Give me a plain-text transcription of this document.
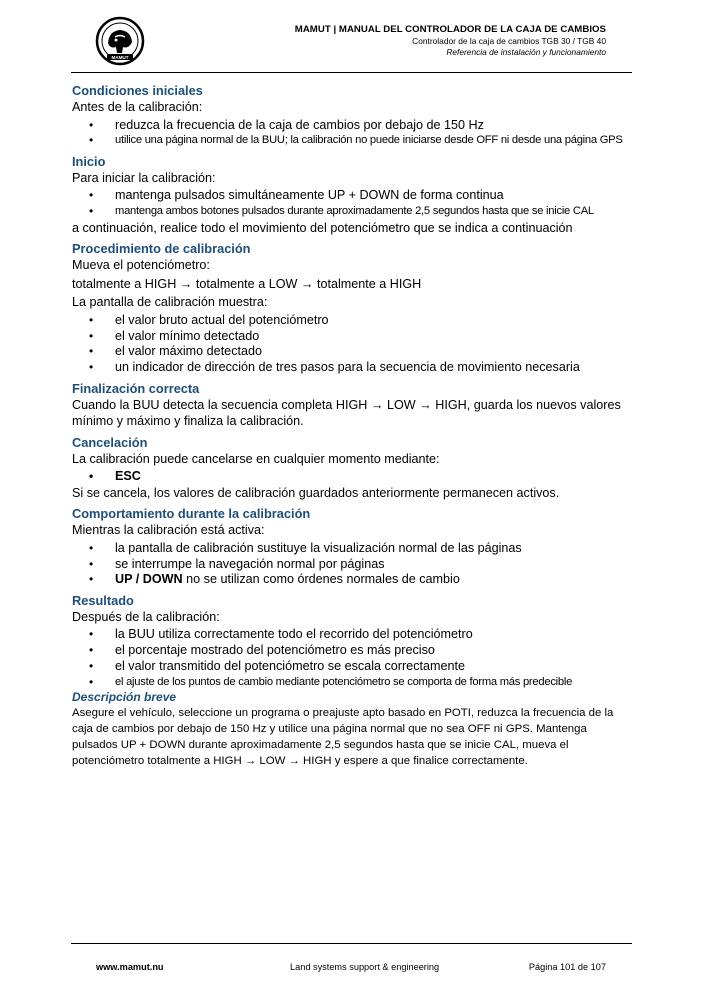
MAMUT
MAMUT | MANUAL DEL CONTROLADOR DE LA CAJA DE CAMBIOS
Controlador de la caja de cambios TGB 30 / TGB 40
Referencia de instalación y funcionamiento
Condiciones iniciales

Antes de la calibración:

• reduzca la frecuencia de la caja de cambios por debajo de 150 Hz
• utilice una página normal de la BUU; la calibración no puede iniciarse desde OFF ni desde una página GPS
Inicio

Para iniciar la calibración:

• mantenga pulsados simultáneamente UP + DOWN de forma continua
• mantenga ambos botones pulsados durante aproximadamente 2,5 segundos hasta que se inicie CAL

a continuación, realice todo el movimiento del potenciómetro que se indica a continuación

Procedimiento de calibración

Mueva el potenciómetro:

totalmente a HIGH → totalmente a LOW → totalmente a HIGH

La pantalla de calibración muestra:

• el valor bruto actual del potenciómetro
• el valor mínimo detectado
• el valor máximo detectado
• un indicador de dirección de tres pasos para la secuencia de movimiento necesaria
Finalización correcta

Cuando la BUU detecta la secuencia completa HIGH → LOW → HIGH, guarda los nuevos valores mínimo y máximo y finaliza la calibración.

Cancelación

La calibración puede cancelarse en cualquier momento mediante:

• ESC

Si se cancela, los valores de calibración guardados anteriormente permanecen activos.

Comportamiento durante la calibración

Mientras la calibración está activa:

• la pantalla de calibración sustituye la visualización normal de las páginas
• se interrumpe la navegación normal por páginas
• UP / DOWN no se utilizan como órdenes normales de cambio
Resultado

Después de la calibración:

• la BUU utiliza correctamente todo el recorrido del potenciómetro
• el porcentaje mostrado del potenciómetro es más preciso
• el valor transmitido del potenciómetro se escala correctamente
• el ajuste de los puntos de cambio mediante potenciómetro se comporta de forma más predecible
Descripción breve

Asegure el vehículo, seleccione un programa o preajuste apto basado en POTI, reduzca la frecuencia de la caja de cambios por debajo de 150 Hz y utilice una página normal que no sea OFF ni GPS. Mantenga pulsados UP + DOWN durante aproximadamente 2,5 segundos hasta que se inicie CAL, mueva el potenciómetro totalmente a HIGH → LOW → HIGH y espere a que finalice correctamente.

www.mamut.nu	Land systems support & engineering	Página 101 de 107
